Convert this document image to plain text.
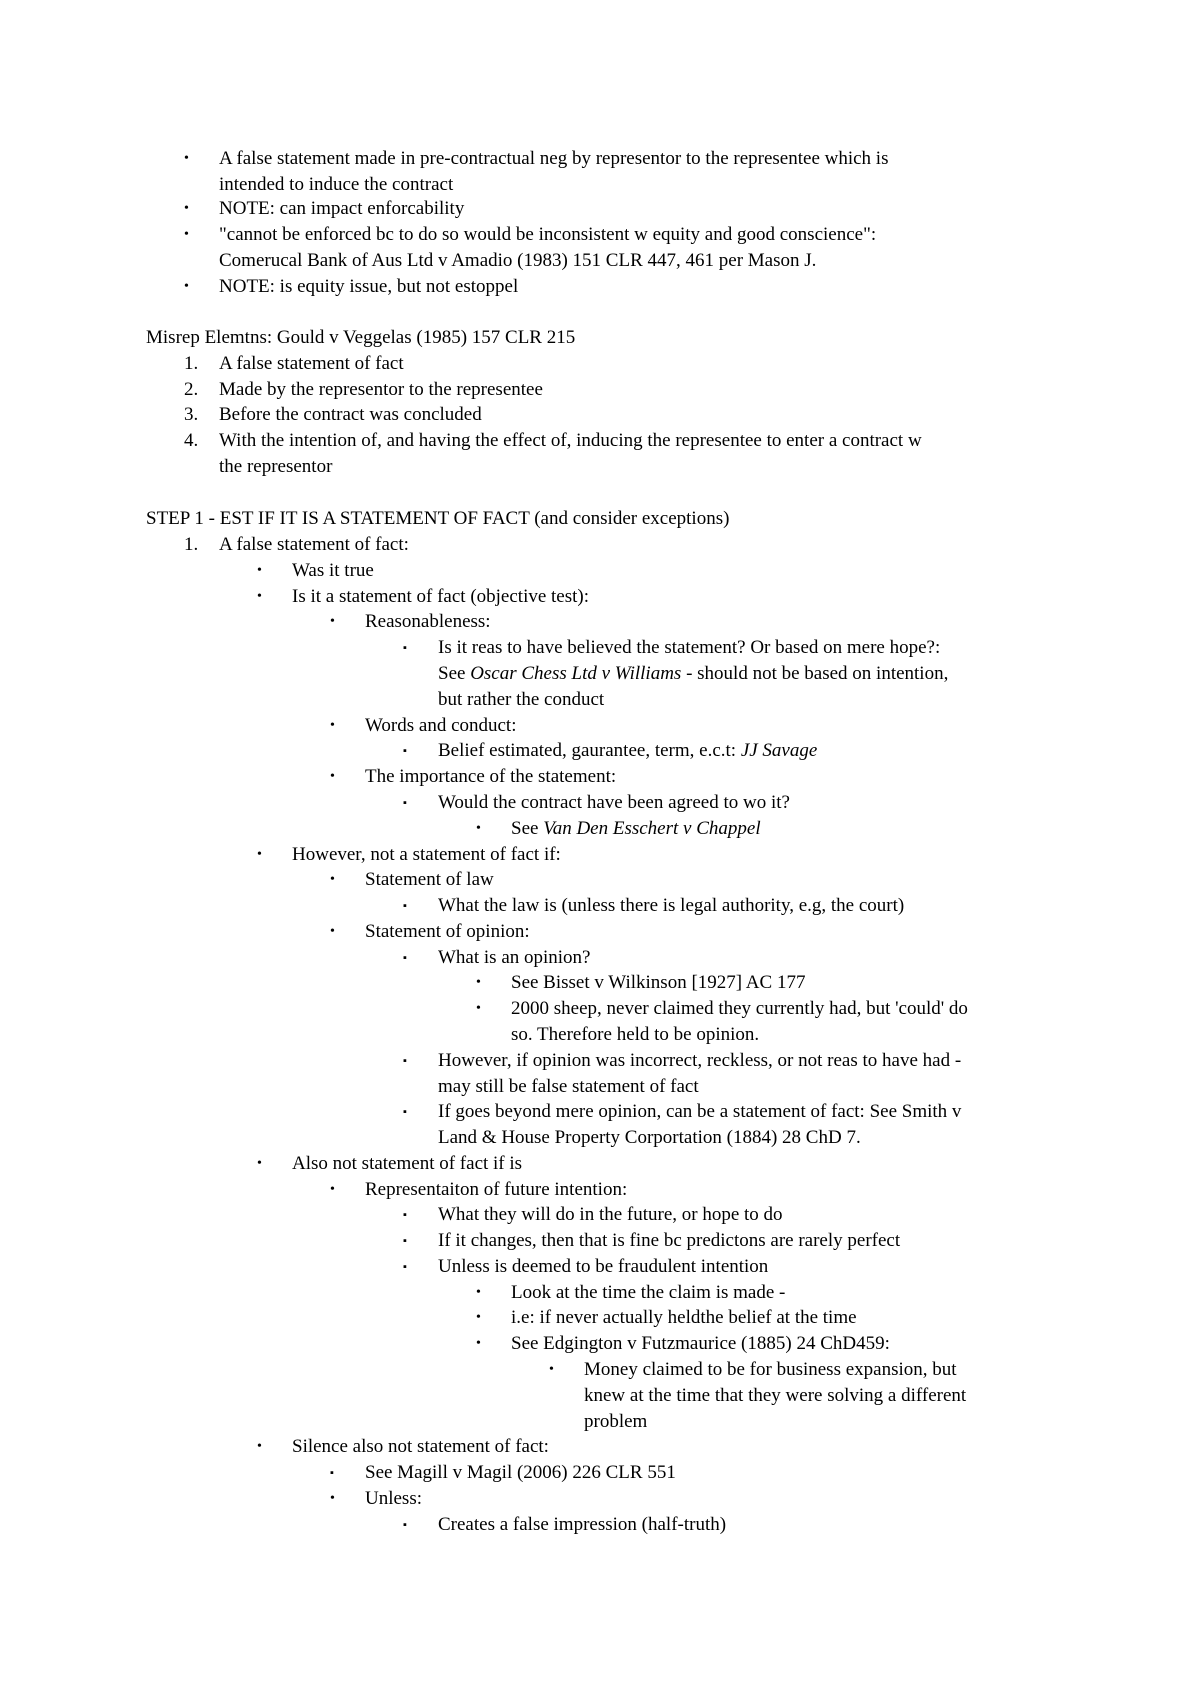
• A false statement made in pre-contractual neg by representor to the representee which is
intended to induce the contract
• NOTE: can impact enforcability
• "cannot be enforced bc to do so would be inconsistent w equity and good conscience":
Comerucal Bank of Aus Ltd v Amadio (1983) 151 CLR 447, 461 per Mason J.
• NOTE: is equity issue, but not estoppel
Misrep Elemtns: Gould v Veggelas (1985) 157 CLR 215
1. A false statement of fact
2. Made by the representor to the representee
3. Before the contract was concluded
4. With the intention of, and having the effect of, inducing the representee to enter a contract w
the representor
STEP 1 - EST IF IT IS A STATEMENT OF FACT (and consider exceptions)
1. A false statement of fact:
• Was it true
• Is it a statement of fact (objective test):
• Reasonableness:
▪ Is it reas to have believed the statement? Or based on mere hope?:
See Oscar Chess Ltd v Williams - should not be based on intention,
but rather the conduct
• Words and conduct:
▪ Belief estimated, gaurantee, term, e.c.t: JJ Savage
• The importance of the statement:
▪ Would the contract have been agreed to wo it?
• See Van Den Esschert v Chappel
• However, not a statement of fact if:
• Statement of law
▪ What the law is (unless there is legal authority, e.g, the court)
• Statement of opinion:
▪ What is an opinion?
• See Bisset v Wilkinson [1927] AC 177
• 2000 sheep, never claimed they currently had, but 'could' do
so. Therefore held to be opinion.
▪ However, if opinion was incorrect, reckless, or not reas to have had -
may still be false statement of fact
▪ If goes beyond mere opinion, can be a statement of fact: See Smith v
Land & House Property Corportation (1884) 28 ChD 7.
• Also not statement of fact if is
• Representaiton of future intention:
▪ What they will do in the future, or hope to do
▪ If it changes, then that is fine bc predictons are rarely perfect
▪ Unless is deemed to be fraudulent intention
• Look at the time the claim is made -
• i.e: if never actually heldthe belief at the time
• See Edgington v Futzmaurice (1885) 24 ChD459:
• Money claimed to be for business expansion, but
knew at the time that they were solving a different
problem
• Silence also not statement of fact:
▪ See Magill v Magil (2006) 226 CLR 551
• Unless:
▪ Creates a false impression (half-truth)
